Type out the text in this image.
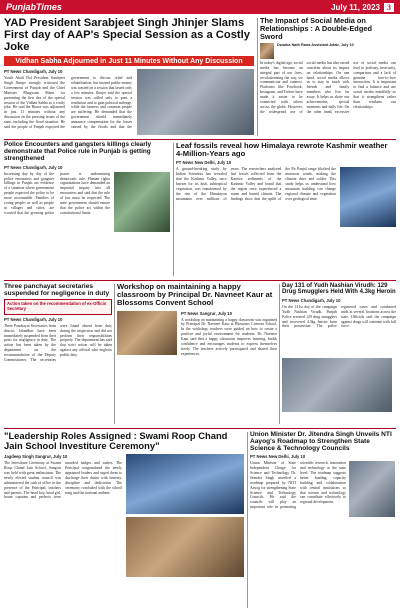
PunjabTimes	July 11, 2023 3
YAD President Sarabjeet Singh Jhinjer Slams First day of AAP's Special Session as a Costly Joke
Vidhan Sabha Adjourned in Just 11 Minutes Without Any Discussion
PT News Chandigarh, July 10
Youth Akali Dal President Sarabjeet Singh Jhinjer strongly criticised the Government of Punjab and the Chief Minister Bhagwant Mann for presenting the first day of the special session of the Vidhan Sabha as a costly joke. He said the House was adjourned in just 11 minutes without any discussion on the pressing issues of the state, including the flood situation. He said the people of Punjab expected the government to discuss relief and rehabilitation, but instead public money was wasted on a session that lasted only a few minutes. Jhinjer said the special session was called only to pass a resolution and to gain political mileage, while the farmers and common people are suffering. He demanded that the government should immediately announce compensation for the losses caused by the floods and that the
The Impact of Social Media on Relationships : A Double-Edged Sword
Dwarka Nath Rana Assistant Adab, July 10
In today's digital age, social media has become an integral part of our lives, revolutionizing the way we communicate and connect. Platforms like Facebook, Instagram, and Twitter have made it easier to be connected with others across the globe. However, the widespread use of social media has also raised concerns about its impact on relationships. On one hand, social media allows us to stay in touch with friends and family members who live far away. It helps us share our achievements, special moments and daily life. On the other hand, excessive use of social media can lead to jealousy, insecurity, comparison and a lack of genuine face-to-face interaction. It is important to find a balance and use social media mindfully so that it strengthens rather than weakens our relationships.
Police Encounters and gangsters killings clearly demonstrate that Police rule in Punjab is getting strengthened
PT News Chandigarh, July 10
Increasing day by day of the police encounters and gangster killings in Punjab are evidence of a situation where government people expected the police to be more accountable. Families of young people, as well as people in villages and cities, are worried that the growing police power is undermining democratic rule. Human rights organizations have demanded an impartial inquiry into all encounters and said that the rule of law must be respected. The state government should ensure that the police act within the constitutional limits.
Leaf fossils reveal how Himalaya rewrote Kashmir weather 4-Million-Years ago
PT News New Delhi, July 10
A ground-breaking study by Indian Scientists has revealed that the Kashmir Valley, once known for its lush, subtropical vegetation, was transformed by the rise of the Himalayan mountains over millions of years. The researchers analyzed leaf fossils collected from the Karewa sediments of the Kashmir Valley and found that the region once experienced a warm and humid climate. The findings show that the uplift of the Pir Panjal range blocked the monsoon winds, making the climate drier and colder. This study helps us understand how mountain building can change regional climate and vegetation over geological time.
Three panchayat secretaries suspended for negligence in duty
Action taken on the recommendation of ex-Officio Secretary
PT News Chandigarh, July 10
Three Panchayat Secretaries from district Jalandhar have been immediately suspended from their posts for negligence in duty. The action has been taken by the department on the recommendation of the Deputy Commissioner. The secretaries were found absent from duty during the inspection and did not perform their responsibilities properly. The department has said that strict action will be taken against any official who neglects public duty.
Workshop on maintaining a happy classroom by Principal Dr. Navneet Kaur at Blossoms Convent School
PT News Sangrur, July 10
A workshop on maintaining a happy classroom was organised by Principal Dr. Navneet Kaur at Blossoms Convent School. In the workshop, teachers were guided on how to create a positive and joyful environment for students. Dr. Navneet Kaur said that a happy classroom improves learning, builds confidence and encourages students to express themselves freely. The teachers actively participated and shared their experiences.
Day 131 of Yudh Nashian Virudh: 129 Drug Smugglers Held With 4.3kg Heroin
PT News Chandigarh, July 10
On the 131st day of the campaign Yudh Nashian Virudh, Punjab Police arrested 129 drug smugglers and recovered 4.3kg heroin from their possession. The police registered cases and conducted raids at several locations across the state. Officials said the campaign against drugs will continue with full force.
"Leadership Roles Assigned : Swami Roop Chand Jain School Investiture Ceremony"
Jagdeep Singh Sangrur, July 10
The Investiture Ceremony at Swami Roop Chand Jain School, Sangrur was held with great enthusiasm. The newly elected student council was administered the oath of office in the presence of the Principal, teachers and parents. The head boy, head girl, house captains and prefects were awarded badges and sashes. The Principal congratulated the newly appointed leaders and urged them to discharge their duties with honesty, discipline and dedication. The ceremony concluded with the school song and the national anthem.
Union Minister Dr. Jitendra Singh Unveils NTI Aayog's Roadmap to Strengthen State Science & Technology Councils
PT News New Delhi, July 10
Union Minister of State Independent Charge for Science and Technology Dr. Jitendra Singh unveiled a roadmap prepared by NITI Aayog for strengthening State Science and Technology Councils. He said the councils will play an important role in promoting scientific research, innovation and technology at the state level. The roadmap suggests better funding, capacity building and collaboration with central institutions so that science and technology can contribute effectively to regional development.
